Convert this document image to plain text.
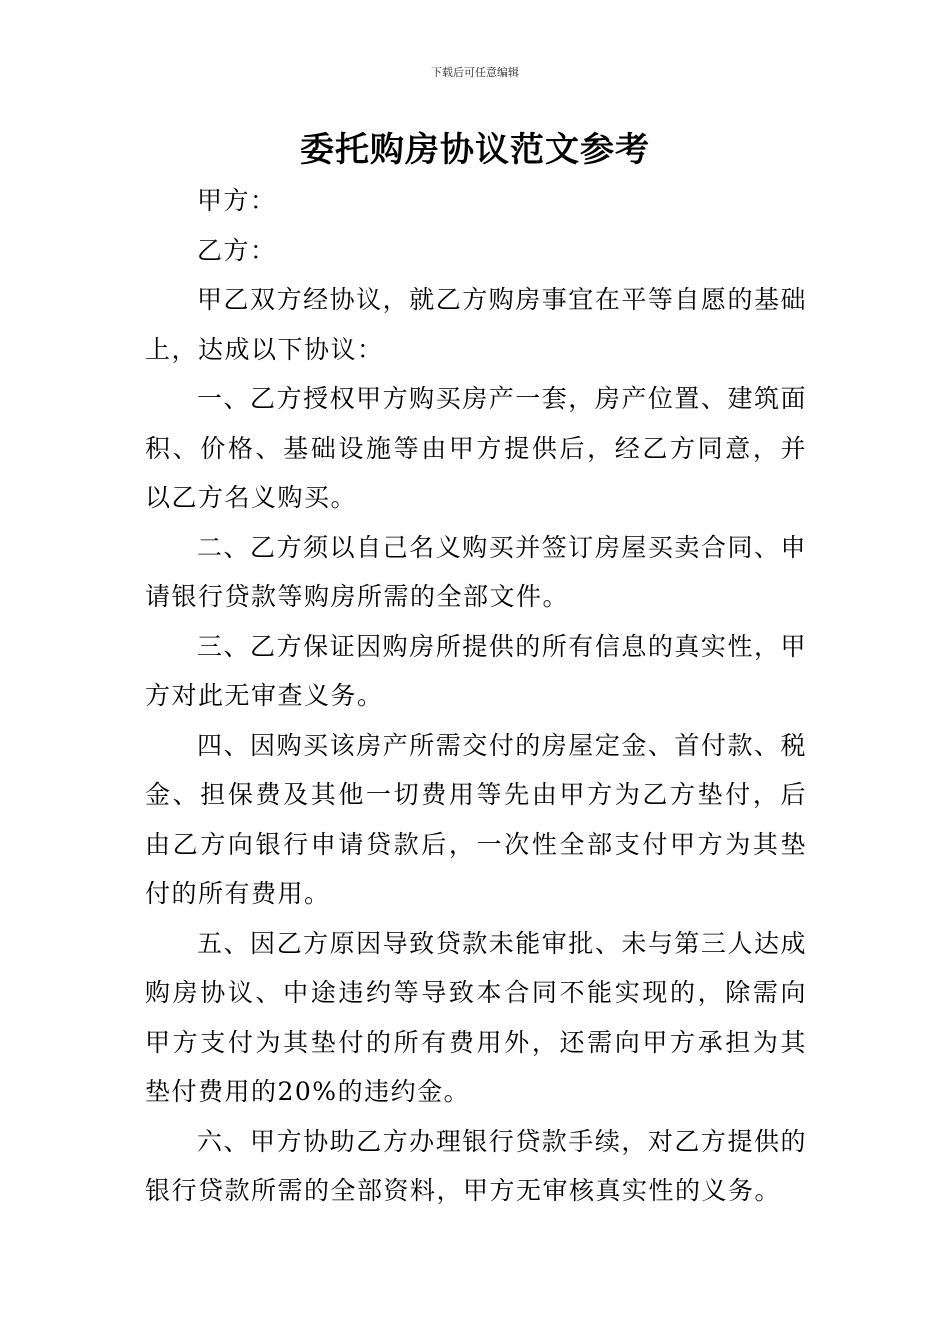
下载后可任意编辑
委托购房协议范文参考

甲方：

乙方：

甲乙双方经协议，就乙方购房事宜在平等自愿的基础上，达成以下协议：

一、乙方授权甲方购买房产一套，房产位置、建筑面积、价格、基础设施等由甲方提供后，经乙方同意，并以乙方名义购买。

二、乙方须以自己名义购买并签订房屋买卖合同、申请银行贷款等购房所需的全部文件。

三、乙方保证因购房所提供的所有信息的真实性，甲方对此无审查义务。

四、因购买该房产所需交付的房屋定金、首付款、税金、担保费及其他一切费用等先由甲方为乙方垫付，后由乙方向银行申请贷款后，一次性全部支付甲方为其垫付的所有费用。

五、因乙方原因导致贷款未能审批、未与第三人达成购房协议、中途违约等导致本合同不能实现的，除需向甲方支付为其垫付的所有费用外，还需向甲方承担为其垫付费用的20%的违约金。

六、甲方协助乙方办理银行贷款手续，对乙方提供的银行贷款所需的全部资料，甲方无审核真实性的义务。
